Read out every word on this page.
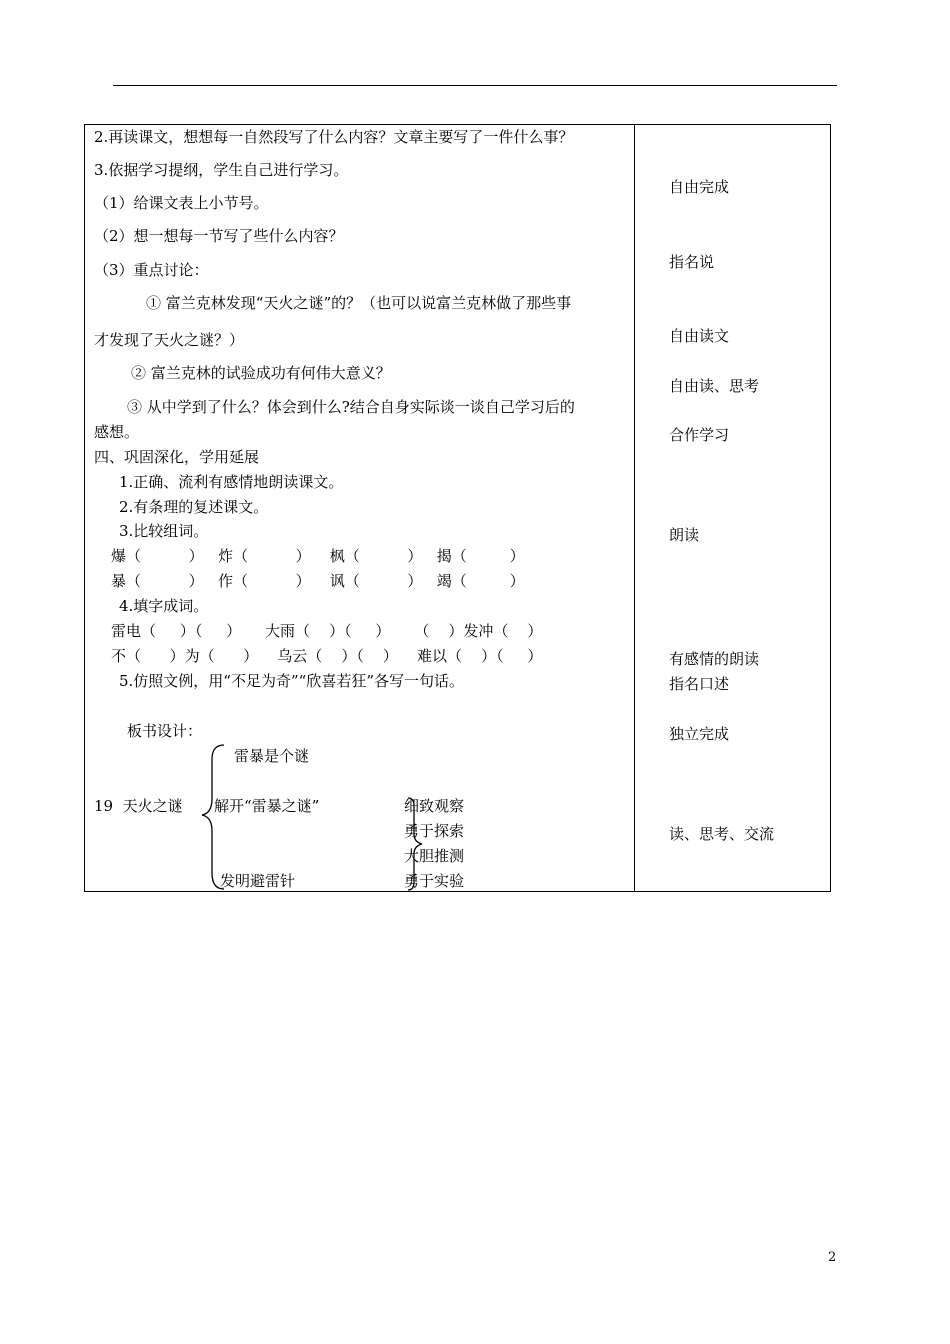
2.再读课文，想想每一自然段写了什么内容？文章主要写了一件什么事？
3.依据学习提纲，学生自己进行学习。
（1）给课文表上小节号。
（2）想一想每一节写了些什么内容？
（3）重点讨论：
① 富兰克林发现“天火之谜”的？（也可以说富兰克林做了那些事
才发现了天火之谜？）
② 富兰克林的试验成功有何伟大意义？
③ 从中学到了什么？体会到什么?结合自身实际谈一谈自己学习后的
感想。
四、巩固深化，学用延展
1.正确、流利有感情地朗读课文。
2.有条理的复述课文。
3.比较组词。
爆（          ）   炸（          ）    枫（          ）   揭（         ）
暴（          ）   作（          ）    讽（          ）   竭（         ）
4.填字成词。
雷电（     ）（     ）     大雨（    ）（     ）     （    ）发冲（    ）
不（      ）为（      ）    乌云（    ）（    ）    难以（    ）（     ）
5.仿照文例，用“不足为奇”“欣喜若狂”各写一句话。
板书设计：
19  天火之谜
雷暴是个谜
解开“雷暴之谜”
发明避雷针
细致观察
勇于探索
大胆推测
勇于实验
自由完成
指名说
自由读文
自由读、思考
合作学习
朗读
有感情的朗读
指名口述
独立完成
读、思考、交流
2
